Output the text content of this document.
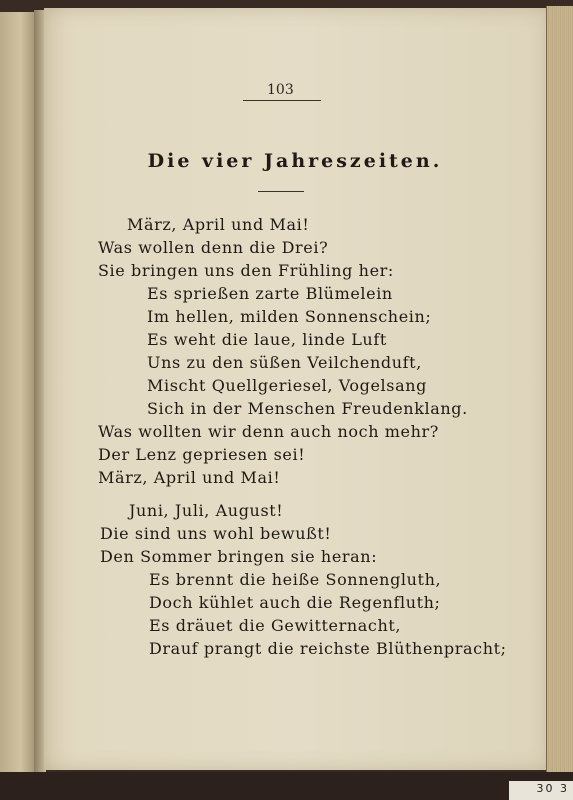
30 3
103
Die vier Jahreszeiten.
März, April und Mai!
Was wollen denn die Drei?
Sie bringen uns den Frühling her:
Es sprießen zarte Blümelein
Im hellen, milden Sonnenschein;
Es weht die laue, linde Luft
Uns zu den süßen Veilchenduft,
Mischt Quellgeriesel, Vogelsang
Sich in der Menschen Freudenklang.
Was wollten wir denn auch noch mehr?
Der Lenz gepriesen sei!
März, April und Mai!
Juni, Juli, August!
Die sind uns wohl bewußt!
Den Sommer bringen sie heran:
Es brennt die heiße Sonnengluth,
Doch kühlet auch die Regenfluth;
Es dräuet die Gewitternacht,
Drauf prangt die reichste Blüthenpracht;
